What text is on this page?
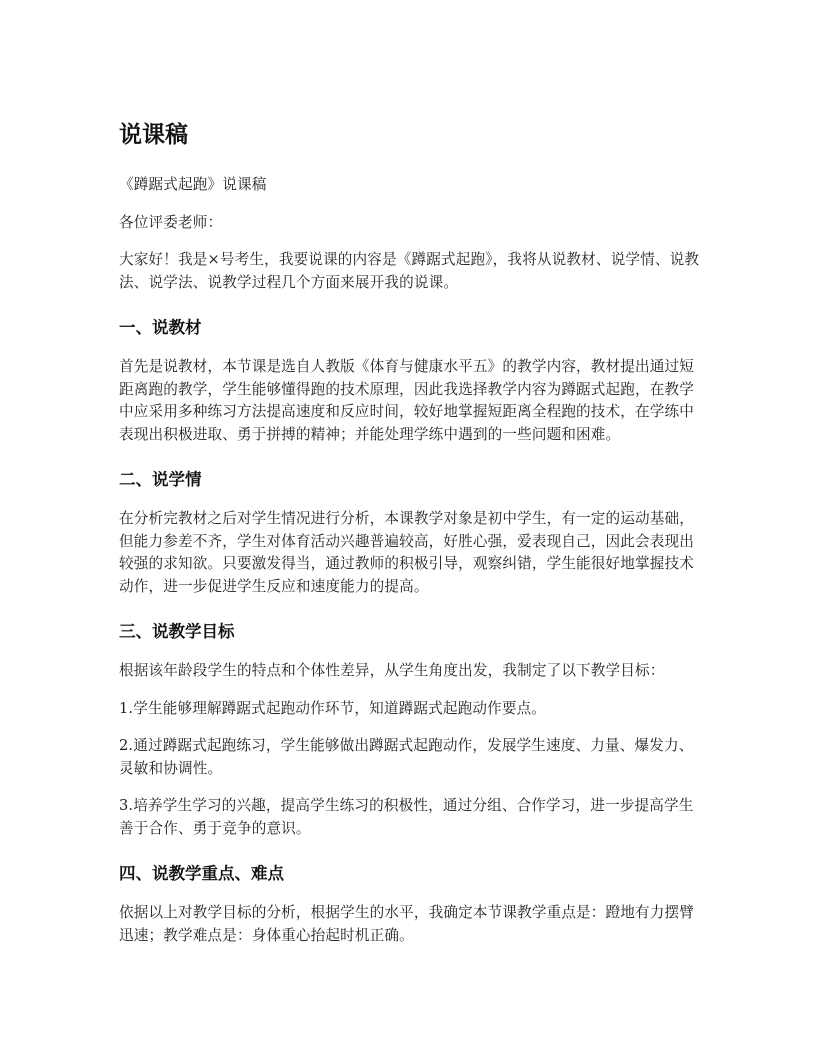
说课稿

《蹲踞式起跑》说课稿

各位评委老师：

大家好！我是×号考生，我要说课的内容是《蹲踞式起跑》，我将从说教材、说学情、说教法、说学法、说教学过程几个方面来展开我的说课。

一、说教材

首先是说教材，本节课是选自人教版《体育与健康水平五》的教学内容，教材提出通过短距离跑的教学，学生能够懂得跑的技术原理，因此我选择教学内容为蹲踞式起跑，在教学中应采用多种练习方法提高速度和反应时间，较好地掌握短距离全程跑的技术，在学练中表现出积极进取、勇于拼搏的精神；并能处理学练中遇到的一些问题和困难。

二、说学情

在分析完教材之后对学生情况进行分析，本课教学对象是初中学生，有一定的运动基础，但能力参差不齐，学生对体育活动兴趣普遍较高，好胜心强，爱表现自己，因此会表现出较强的求知欲。只要激发得当，通过教师的积极引导，观察纠错，学生能很好地掌握技术动作，进一步促进学生反应和速度能力的提高。

三、说教学目标

根据该年龄段学生的特点和个体性差异，从学生角度出发，我制定了以下教学目标：

1.学生能够理解蹲踞式起跑动作环节，知道蹲踞式起跑动作要点。

2.通过蹲踞式起跑练习，学生能够做出蹲踞式起跑动作，发展学生速度、力量、爆发力、灵敏和协调性。

3.培养学生学习的兴趣，提高学生练习的积极性，通过分组、合作学习，进一步提高学生善于合作、勇于竞争的意识。

四、说教学重点、难点

依据以上对教学目标的分析，根据学生的水平，我确定本节课教学重点是：蹬地有力摆臂迅速；教学难点是：身体重心抬起时机正确。
